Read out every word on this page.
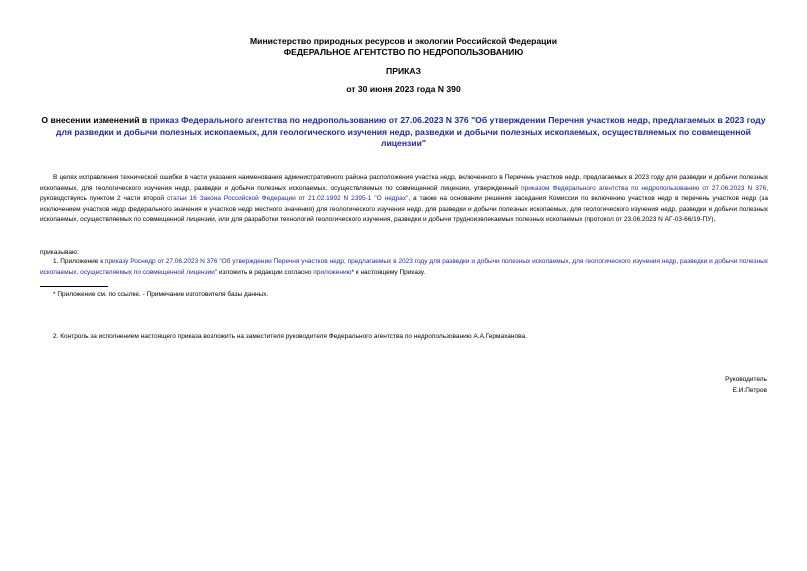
Министерство природных ресурсов и экологии Российской Федерации
ФЕДЕРАЛЬНОЕ АГЕНТСТВО ПО НЕДРОПОЛЬЗОВАНИЮ
ПРИКАЗ
от 30 июня 2023 года N 390
О внесении изменений в приказ Федерального агентства по недропользованию от 27.06.2023 N 376 "Об утверждении Перечня участков недр, предлагаемых в 2023 году для разведки и добычи полезных ископаемых, для геологического изучения недр, разведки и добычи полезных ископаемых, осуществляемых по совмещенной лицензии"
В целях исправления технической ошибки в части указания наименования административного района расположения участка недр, включенного в Перечень участков недр, предлагаемых в 2023 году для разведки и добычи полезных ископаемых, для геологического изучения недр, разведки и добычи полезных ископаемых, осуществляемых по совмещенной лицензии, утвержденный приказом Федерального агентства по недропользованию от 27.06.2023 N 376, руководствуясь пунктом 2 части второй статьи 16 Закона Российской Федерации от 21.02.1992 N 2395-1 "О недрах", а также на основании решения заседания Комиссии по включению участков недр в перечень участков недр (за исключением участков недр федерального значения и участков недр местного значения) для геологического изучения недр, для разведки и добычи полезных ископаемых, для геологического изучения недр, разведки и добычи полезных ископаемых, осуществляемых по совмещенной лицензии, или для разработки технологий геологического изучения, разведки и добычи трудноизвлекаемых полезных ископаемых (протокол от 23.06.2023 N АГ-03-66/19-ПУ),
приказываю:
1. Приложение к приказу Роснедр от 27.06.2023 N 376 "Об утверждении Перечня участков недр, предлагаемых в 2023 году для разведки и добычи полезных ископаемых, для геологического изучения недр, разведки и добычи полезных ископаемых, осуществляемых по совмещенной лицензии" изложить в редакции согласно приложению* к настоящему Приказу.
* Приложение см. по ссылке. - Примечание изготовителя базы данных.
2. Контроль за исполнением настоящего приказа возложить на заместителя руководителя Федерального агентства по недропользованию А.А.Гермаханова.
Руководитель
Е.И.Петров
